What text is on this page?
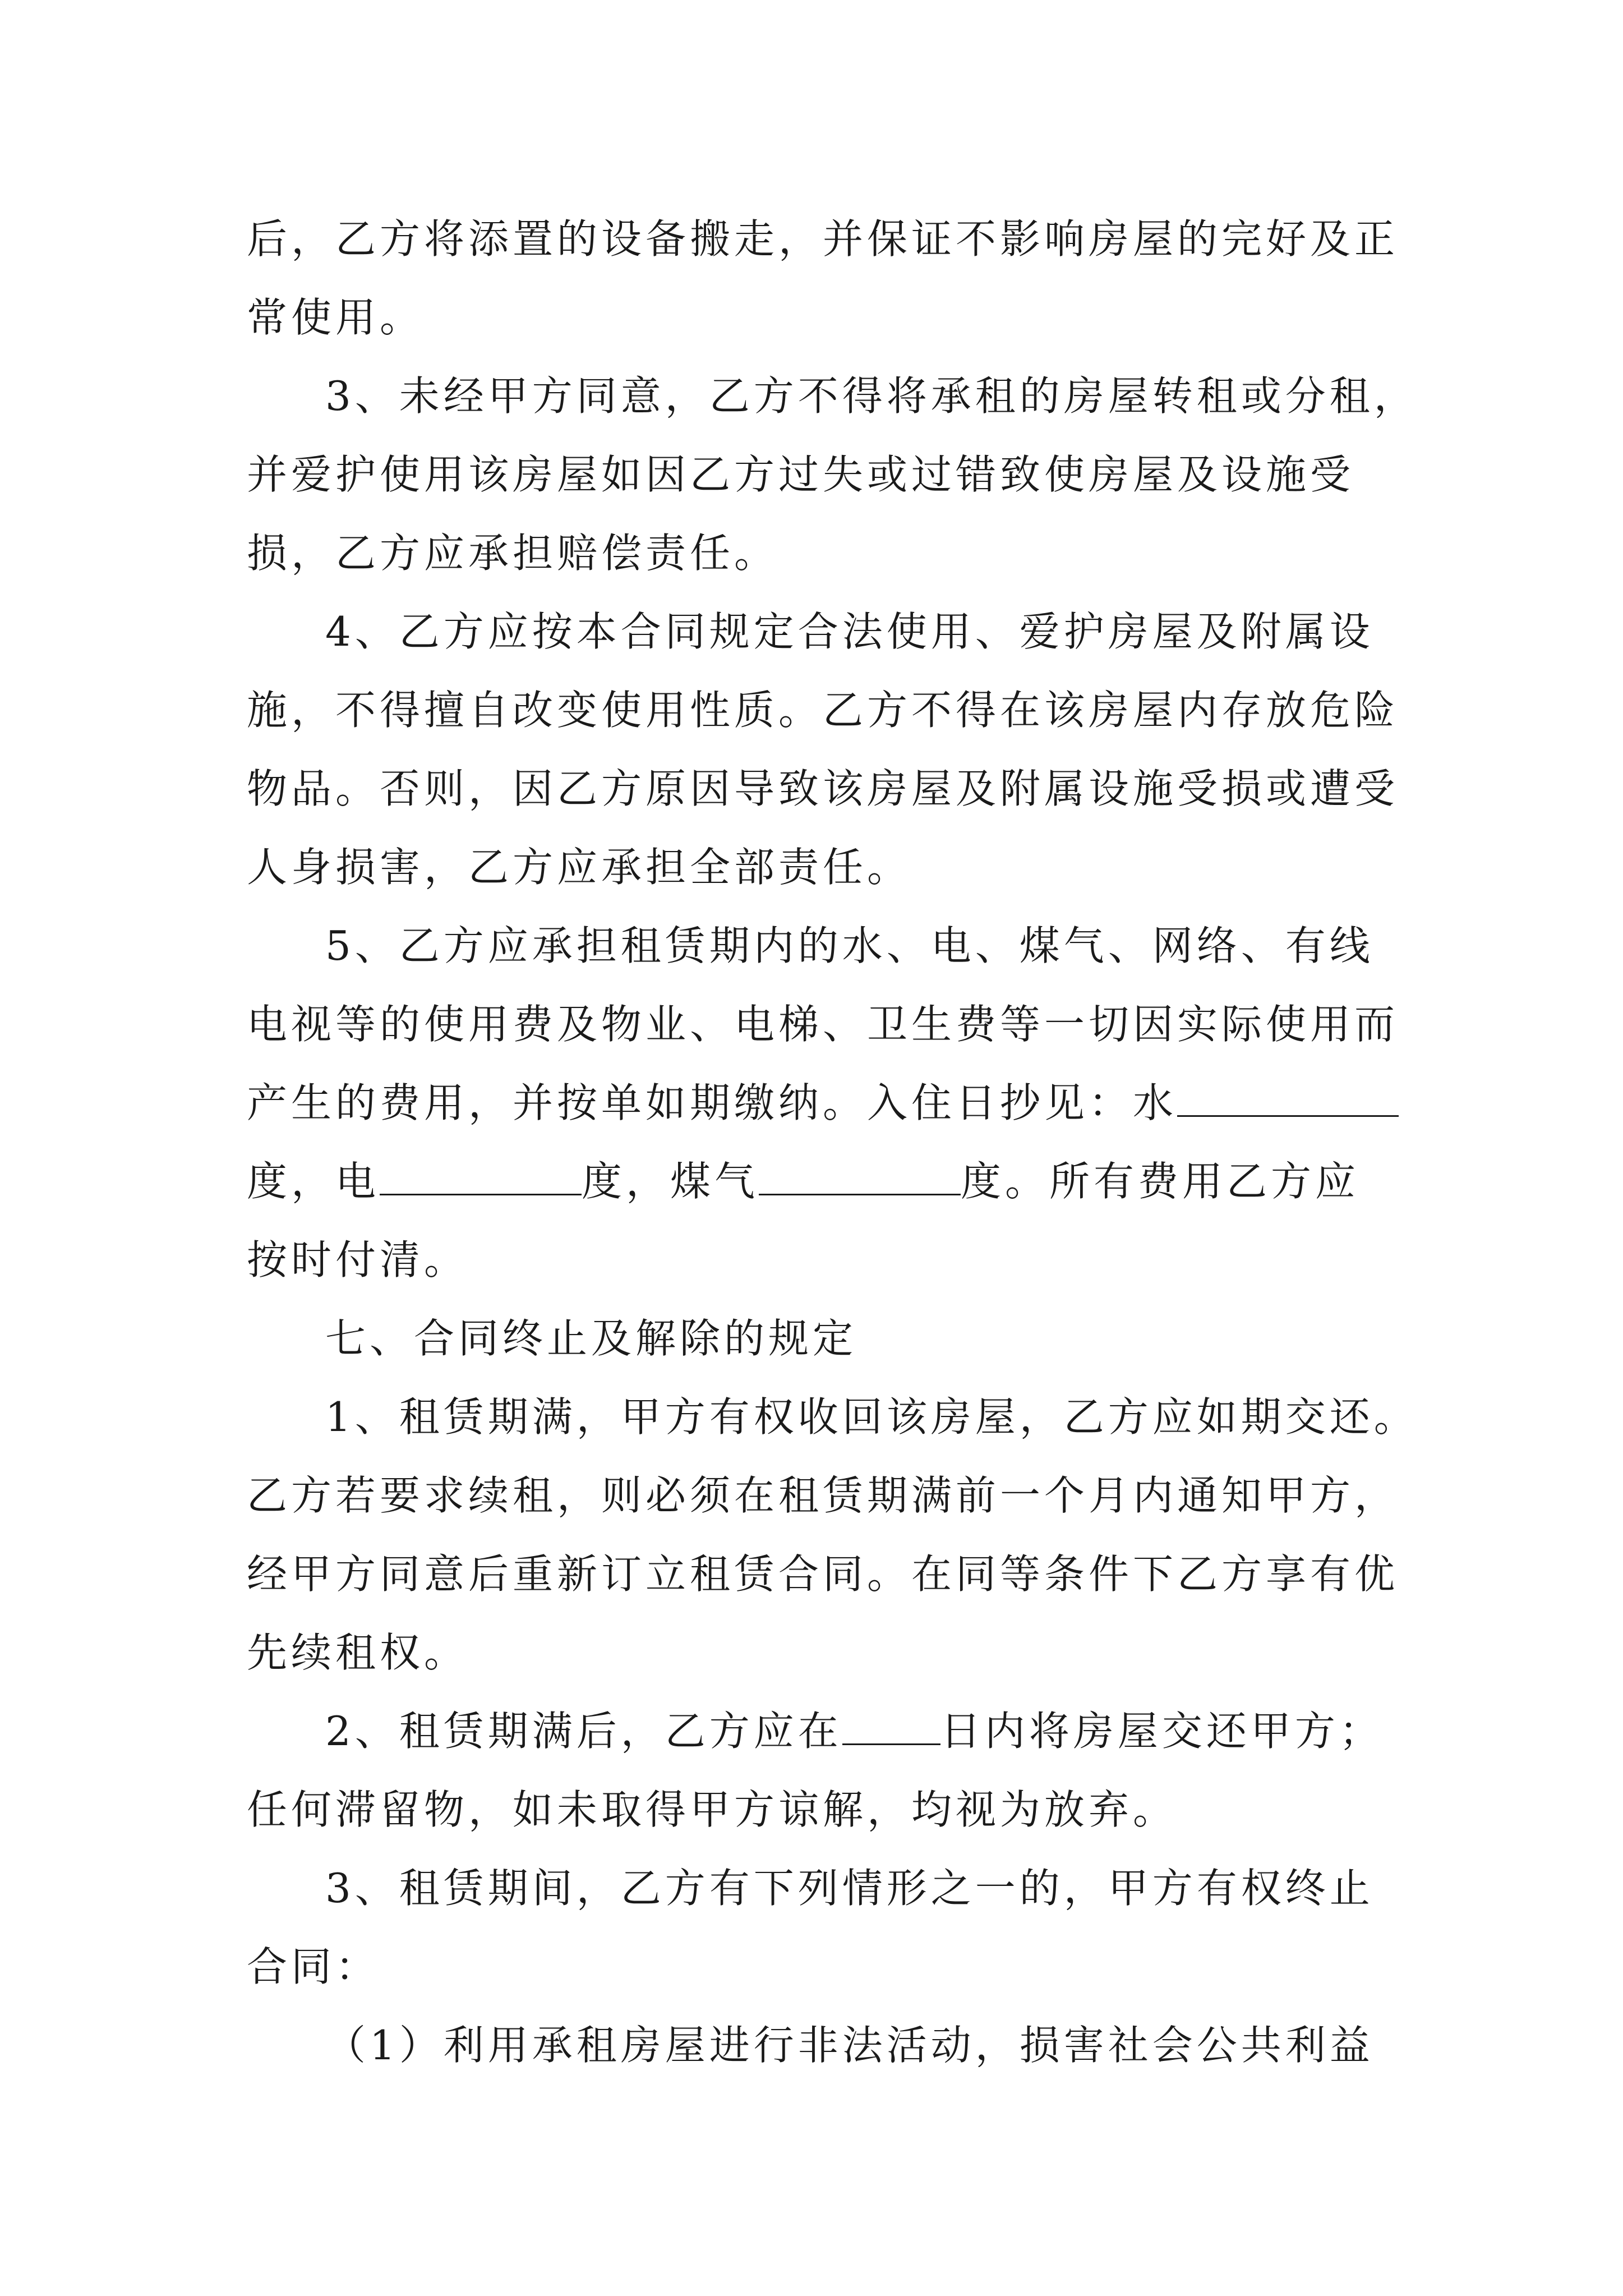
后，乙方将添置的设备搬走，并保证不影响房屋的完好及正
常使用。
3、未经甲方同意，乙方不得将承租的房屋转租或分租，
并爱护使用该房屋如因乙方过失或过错致使房屋及设施受
损，乙方应承担赔偿责任。
4、乙方应按本合同规定合法使用、爱护房屋及附属设
施，不得擅自改变使用性质。乙方不得在该房屋内存放危险
物品。否则，因乙方原因导致该房屋及附属设施受损或遭受
人身损害，乙方应承担全部责任。
5、乙方应承担租赁期内的水、电、煤气、网络、有线
电视等的使用费及物业、电梯、卫生费等一切因实际使用而
产生的费用，并按单如期缴纳。入住日抄见：水
度，电	度，煤气	度。所有费用乙方应
按时付清。
七、合同终止及解除的规定
1、租赁期满，甲方有权收回该房屋，乙方应如期交还。
乙方若要求续租，则必须在租赁期满前一个月内通知甲方，
经甲方同意后重新订立租赁合同。在同等条件下乙方享有优
先续租权。
2、租赁期满后，乙方应在 日内将房屋交还甲方；
任何滞留物，如未取得甲方谅解，均视为放弃。
3、租赁期间，乙方有下列情形之一的，甲方有权终止
合同：
（1）利用承租房屋进行非法活动，损害社会公共利益
